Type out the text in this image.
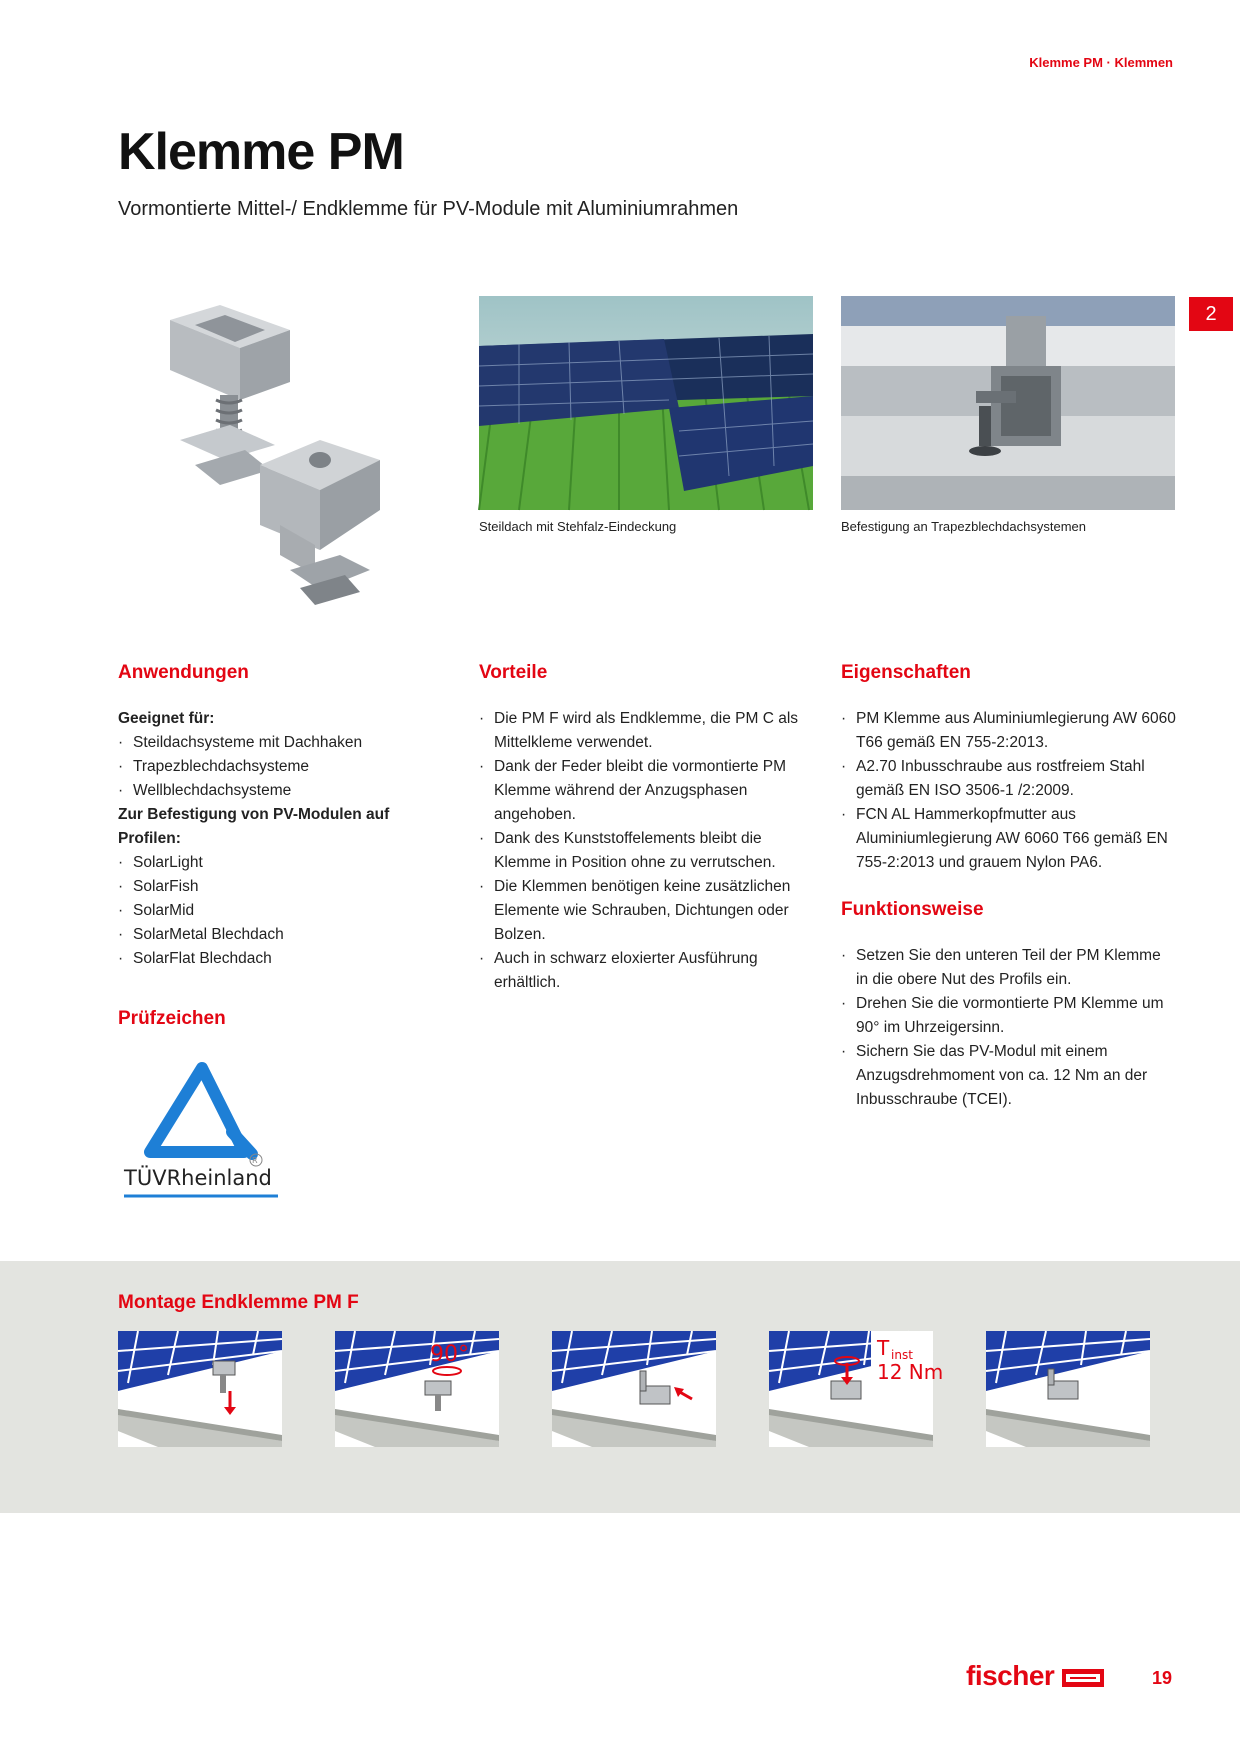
Klemme PM · Klemmen
Klemme PM
Vormontierte Mittel-/ Endklemme für PV-Module mit Aluminiumrahmen
2
Steildach mit Stehfalz-Eindeckung	Befestigung an Trapezblechdachsystemen
Anwendungen
Geeignet für:
· Steildachsysteme mit Dachhaken
· Trapezblechdachsysteme
· Wellblechdachsysteme
Zur Befestigung von PV-Modulen auf Profilen:
· SolarLight
· SolarFish
· SolarMid
· SolarMetal Blechdach
· SolarFlat Blechdach
Prüfzeichen
R
TÜVRheinland
Vorteile
· Die PM F wird als Endklemme, die PM C als Mittelkleme verwendet.
· Dank der Feder bleibt die vormontierte PM Klemme während der Anzugsphasen angehoben.
· Dank des Kunststoffelements bleibt die Klemme in Position ohne zu verrutschen.
· Die Klemmen benötigen keine zusätzlichen Elemente wie Schrauben, Dichtungen oder Bolzen.
· Auch in schwarz eloxierter Ausführung erhältlich.
Eigenschaften
· PM Klemme aus Aluminiumlegierung AW 6060 T66 gemäß EN 755-2:2013.
· A2.70 Inbusschraube aus rostfreiem Stahl gemäß EN ISO 3506-1 /2:2009.
· FCN AL Hammerkopfmutter aus Aluminiumlegierung AW 6060 T66 gemäß EN 755-2:2013 und grauem Nylon PA6.
Funktionsweise
· Setzen Sie den unteren Teil der PM Klemme in die obere Nut des Profils ein.
· Drehen Sie die vormontierte PM Klemme um 90° im Uhrzeigersinn.
· Sichern Sie das PV-Modul mit einem Anzugsdrehmoment von ca. 12 Nm an der Inbusschraube (TCEI).
Montage Endklemme PM F
90°	T inst
12 Nm
fischer	19
